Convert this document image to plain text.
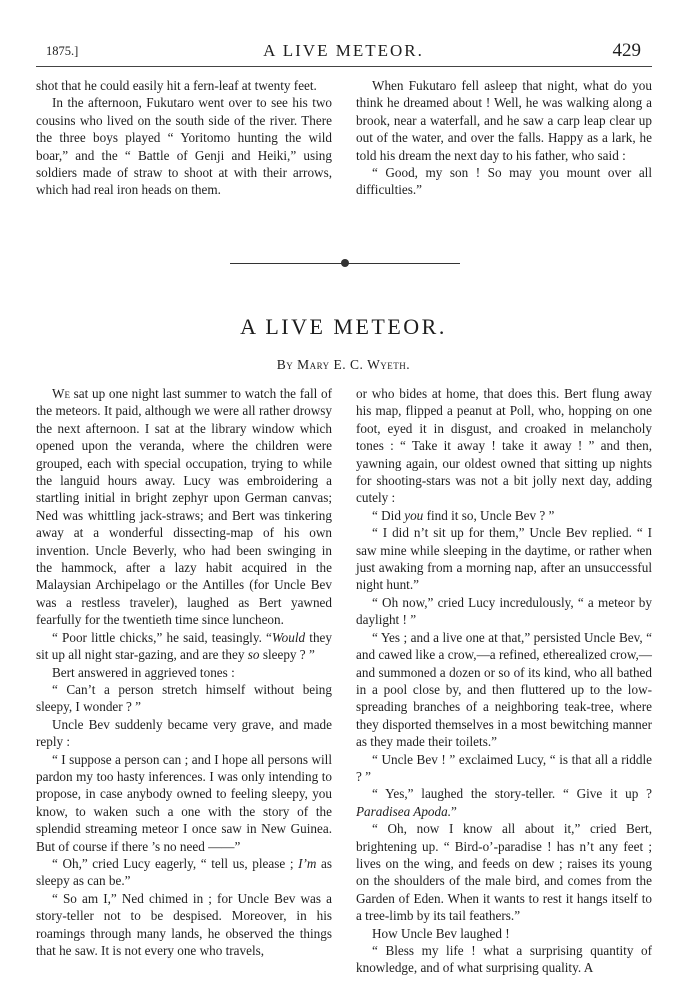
1875.]	A LIVE METEOR.	429

shot that he could easily hit a fern-leaf at twenty feet.

In the afternoon, Fukutaro went over to see his two cousins who lived on the south side of the river. There the three boys played “ Yoritomo hunting the wild boar,” and the “ Battle of Genji and Heiki,” using soldiers made of straw to shoot at with their arrows, which had real iron heads on them.

When Fukutaro fell asleep that night, what do you think he dreamed about ! Well, he was walking along a brook, near a waterfall, and he saw a carp leap clear up out of the water, and over the falls. Happy as a lark, he told his dream the next day to his father, who said :

“ Good, my son ! So may you mount over all difficulties.”

A LIVE METEOR.
By Mary E. C. Wyeth.

We sat up one night last summer to watch the fall of the meteors. It paid, although we were all rather drowsy the next afternoon. I sat at the library window which opened upon the veranda, where the children were grouped, each with special occupation, trying to while the languid hours away. Lucy was embroidering a startling initial in bright zephyr upon German canvas; Ned was whittling jack-straws; and Bert was tinkering away at a wonderful dissecting-map of his own invention. Uncle Beverly, who had been swinging in the hammock, after a lazy habit acquired in the Malaysian Archipelago or the Antilles (for Uncle Bev was a restless traveler), laughed as Bert yawned fearfully for the twentieth time since luncheon.

“ Poor little chicks,” he said, teasingly. “Would they sit up all night star-gazing, and are they so sleepy ? ”

Bert answered in aggrieved tones :

“ Can’t a person stretch himself without being sleepy, I wonder ? ”

Uncle Bev suddenly became very grave, and made reply :

“ I suppose a person can ; and I hope all persons will pardon my too hasty inferences. I was only intending to propose, in case anybody owned to feeling sleepy, you know, to waken such a one with the story of the splendid streaming meteor I once saw in New Guinea. But of course if there ’s no need ——”

“ Oh,” cried Lucy eagerly, “ tell us, please ; I’m as sleepy as can be.”

“ So am I,” Ned chimed in ; for Uncle Bev was a story-teller not to be despised. Moreover, in his roamings through many lands, he observed the things that he saw. It is not every one who travels,

or who bides at home, that does this. Bert flung away his map, flipped a peanut at Poll, who, hopping on one foot, eyed it in disgust, and croaked in melancholy tones : “ Take it away ! take it away ! ” and then, yawning again, our oldest owned that sitting up nights for shooting-stars was not a bit jolly next day, adding cutely :

“ Did you find it so, Uncle Bev ? ”

“ I did n’t sit up for them,” Uncle Bev replied. “ I saw mine while sleeping in the daytime, or rather when just awaking from a morning nap, after an unsuccessful night hunt.”

“ Oh now,” cried Lucy incredulously, “ a meteor by daylight ! ”

“ Yes ; and a live one at that,” persisted Uncle Bev, “ and cawed like a crow,—a refined, etherealized crow,—and summoned a dozen or so of its kind, who all bathed in a pool close by, and then fluttered up to the low-spreading branches of a neighboring teak-tree, where they disported themselves in a most bewitching manner as they made their toilets.”

“ Uncle Bev ! ” exclaimed Lucy, “ is that all a riddle ? ”

“ Yes,” laughed the story-teller. “ Give it up ? Paradisea Apoda.”

“ Oh, now I know all about it,” cried Bert, brightening up. “ Bird-o’-paradise ! has n’t any feet ; lives on the wing, and feeds on dew ; raises its young on the shoulders of the male bird, and comes from the Garden of Eden. When it wants to rest it hangs itself to a tree-limb by its tail feathers.”

How Uncle Bev laughed !

“ Bless my life ! what a surprising quantity of knowledge, and of what surprising quality. A
